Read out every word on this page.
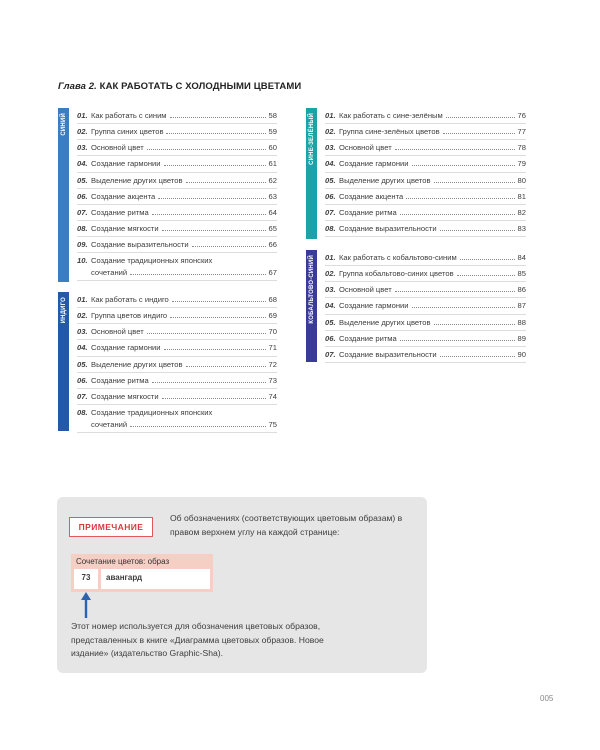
Глава 2. КАК РАБОТАТЬ С ХОЛОДНЫМИ ЦВЕТАМИ
СИНИЙ 01. Как работать с синим	58
02. Группа синих цветов	59
03. Основной цвет	60
04. Создание гармонии	61
05. Выделение других цветов	62
06. Создание акцента	63
07. Создание ритма	64
08. Создание мягкости	65
09. Создание выразительности	66
10. Создание традиционных японских
сочетаний	67
ИНДИГО 01. Как работать с индиго	68
02. Группа цветов индиго	69
03. Основной цвет	70
04. Создание гармонии	71
05. Выделение других цветов	72
06. Создание ритма	73
07. Создание мягкости	74
08. Создание традиционных японских
сочетаний	75
СИНЕ-ЗЕЛЁНЫЙ 01. Как работать с сине-зелёным	76
02. Группа сине-зелёных цветов	77
03. Основной цвет	78
04. Создание гармонии	79
05. Выделение других цветов	80
06. Создание акцента	81
07. Создание ритма	82
08. Создание выразительности	83
КОБАЛЬТОВО-СИНИЙ 01. Как работать с кобальтово-синим	84
02. Группа кобальтово-синих цветов	85
03. Основной цвет	86
04. Создание гармонии	87
05. Выделение других цветов	88
06. Создание ритма	89
07. Создание выразительности	90
ПРИМЕЧАНИЕ
Об обозначениях (соответствующих цветовым образам) в правом верхнем углу на каждой странице:
Сочетание цветов: образ
73	авангард
Этот номер используется для обозначения цветовых образов, представленных в книге «Диаграмма цветовых образов. Новое издание» (издательство Graphic-Sha).
005
